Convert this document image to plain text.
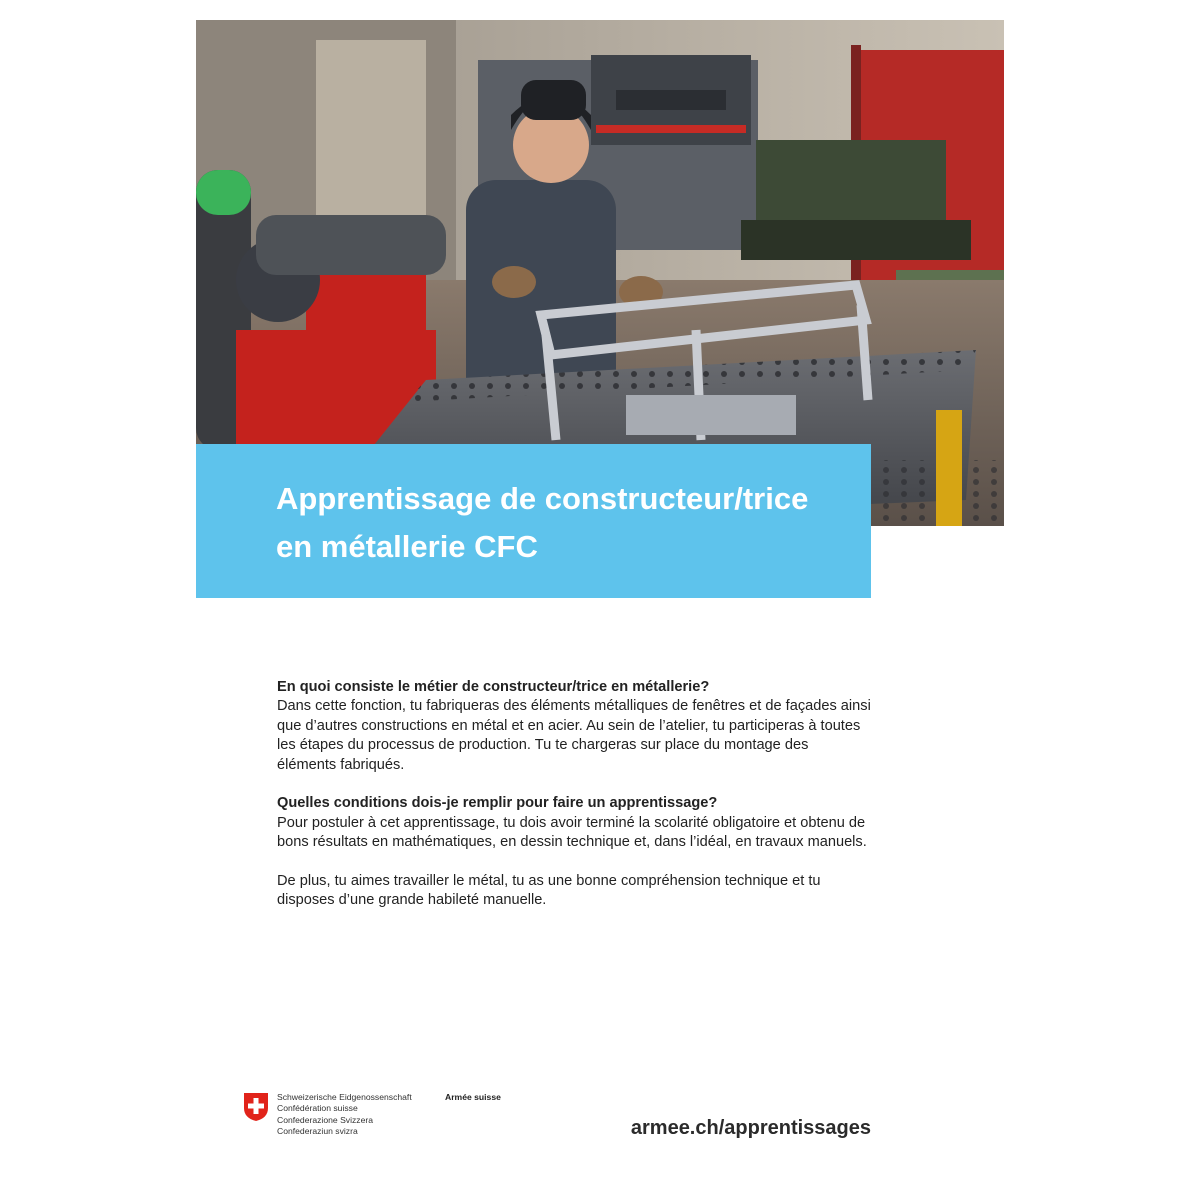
Apprentissage de constructeur/trice
en métallerie CFC

En quoi consiste le métier de constructeur/trice en métallerie?
Dans cette fonction, tu fabriqueras des éléments métalliques de fenêtres et de façades ainsi que d’autres constructions en métal et en acier. Au sein de l’atelier, tu participeras à toutes les étapes du processus de production. Tu te chargeras sur place du montage des éléments fabriqués.

Quelles conditions dois-je remplir pour faire un apprentissage?
Pour postuler à cet apprentissage, tu dois avoir terminé la scolarité obligatoire et obtenu de bons résultats en mathématiques, en dessin technique et, dans l’idéal, en travaux manuels.

De plus, tu aimes travailler le métal, tu as une bonne compréhension technique et tu disposes d’une grande habileté manuelle.

Schweizerische Eidgenossenschaft
Confédération suisse
Confederazione Svizzera
Confederaziun svizra
Armée suisse
armee.ch/apprentissages
